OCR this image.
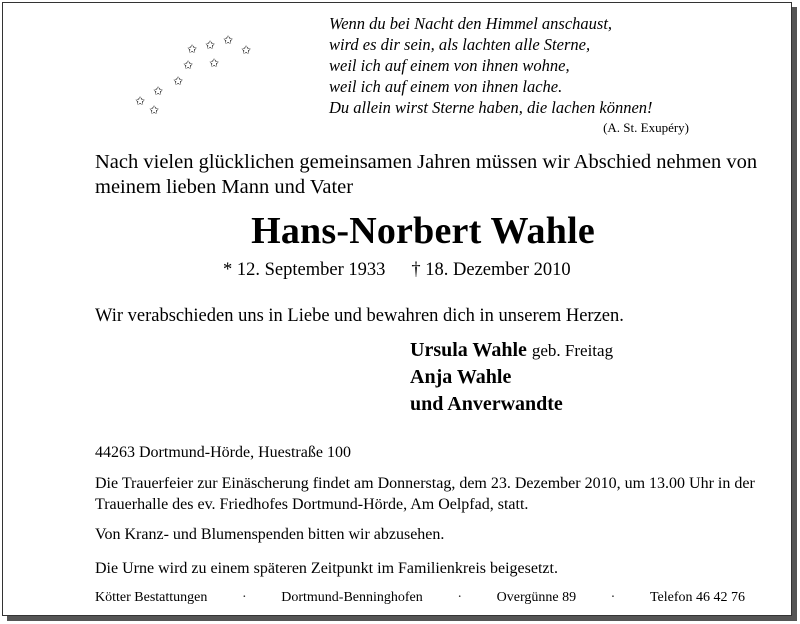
✩ ✩ ✩
✩
✩ ✩
✩
✩
✩
✩
Wenn du bei Nacht den Himmel anschaust,
wird es dir sein, als lachten alle Sterne,
weil ich auf einem von ihnen wohne,
weil ich auf einem von ihnen lache.
Du allein wirst Sterne haben, die lachen können!
(A. St. Exupéry)
Nach vielen glücklichen gemeinsamen Jahren müssen wir Abschied nehmen von meinem lieben Mann und Vater
Hans-Norbert Wahle
* 12. September 1933 † 18. Dezember 2010
Wir verabschieden uns in Liebe und bewahren dich in unserem Herzen.
Ursula Wahle geb. Freitag
Anja Wahle
und Anverwandte
44263 Dortmund-Hörde, Huestraße 100
Die Trauerfeier zur Einäscherung findet am Donnerstag, dem 23. Dezember 2010, um 13.00 Uhr in der Trauerhalle des ev. Friedhofes Dortmund-Hörde, Am Oelpfad, statt.
Von Kranz- und Blumenspenden bitten wir abzusehen.
Die Urne wird zu einem späteren Zeitpunkt im Familienkreis beigesetzt.
Kötter Bestattungen · Dortmund-Benninghofen · Overgünne 89 · Telefon 46 42 76
